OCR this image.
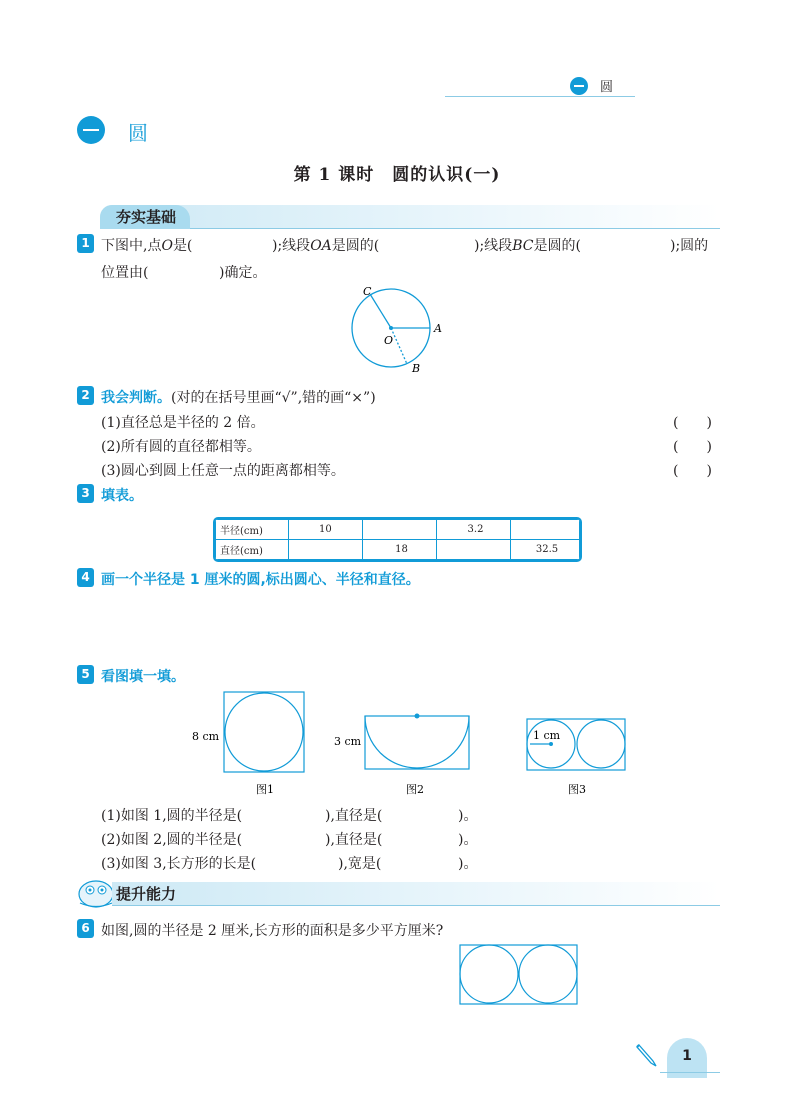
圆
圆
第 1 课时　圆的认识(一)
夯实基础
1 下图中,点O是(	);线段OA是圆的(	);线段BC是圆的(	);圆的
位置由(	)确定。
C
A
O
B
2 我会判断。(对的在括号里画“√”,错的画“×”)
(1)直径总是半径的 2 倍。
(2)所有圆的直径都相等。
(3)圆心到圆上任意一点的距离都相等。
(　　)
(　　)
(　　)
3 填表。
半径(cm)	10		3.2	
直径(cm)		18		32.5
4 画一个半径是 1 厘米的圆,标出圆心、半径和直径。
5 看图填一填。
8 cm	3 cm	1 cm
图1	图2	图3
(1)如图 1,圆的半径是(	),直径是(	)。
(2)如图 2,圆的半径是(	),直径是(	)。
(3)如图 3,长方形的长是(	),宽是(	)。
提升能力
6 如图,圆的半径是 2 厘米,长方形的面积是多少平方厘米?
1
